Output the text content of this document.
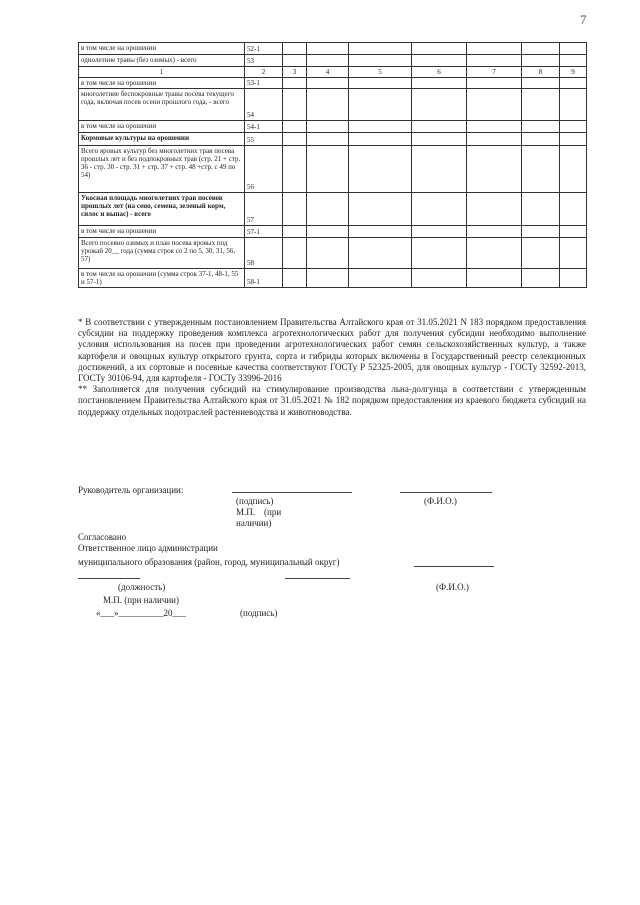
7
в том числе на орошении	52-1							
однолетние травы (без озимых) - всего	53							
1	2	3	4	5	6	7	8	9
в том числе на орошении	53-1							
многолетние беспокровные травы посева текущего года, включая посев осени прошлого года, - всего	54							
в том числе на орошении	54-1							
Кормовые культуры на орошении	55							
Всего яровых культур без многолетних трав посева прошлых лет и без подпокровных трав (стр. 21 + стр. 36 - стр. 30 - стр. 31 + стр. 37 + стр. 48 +стр. с 49 по 54)	56							
Укосная площадь многолетних трав посевов прошлых лет (на сено, семена, зеленый корм, силос и выпас) - всего	57							
в том числе на орошении	57-1							
Всего посеяно озимых и план посева яровых под урожай 20__ года (сумма строк со 2 по 5, 30, 31, 56, 57)	58							
в том числе на орошении (сумма строк 37-1, 48-1, 55 и 57-1)	58-1							

* В соответствии с утвержденным постановлением Правительства Алтайского края от 31.05.2021 N 183 порядком предоставления субсидии на поддержку проведения комплекса агротехнологических работ для получения субсидии необходимо выполнение условия использования на посев при проведении агротехнологических работ семян сельскохозяйственных культур, а также картофеля и овощных культур открытого грунта, сорта и гибриды которых включены в Государственный реестр селекционных достижений, а их сортовые и посевные качества соответствуют ГОСТу Р 52325-2005, для овощных культур - ГОСТу 32592-2013, ГОСТу 30106-94, для картофеля - ГОСТу 33996-2016

** Заполняется для получения субсидий на стимулирование производства льна-долгунца в соответствии с утвержденным постановлением Правительства Алтайского края от 31.05.2021 № 182 порядком предоставления из краевого бюджета субсидий на поддержку отдельных подотраслей растениеводства и животноводства.

Руководитель организации:
(подпись)	(Ф.И.О.)
М.П.    (при
наличии)
Согласовано
Ответственное лицо администрации
муниципального образования (район, город, муниципальный округ)
(должность)	(Ф.И.О.)
М.П. (при наличии)
«___»__________20___	(подпись)
